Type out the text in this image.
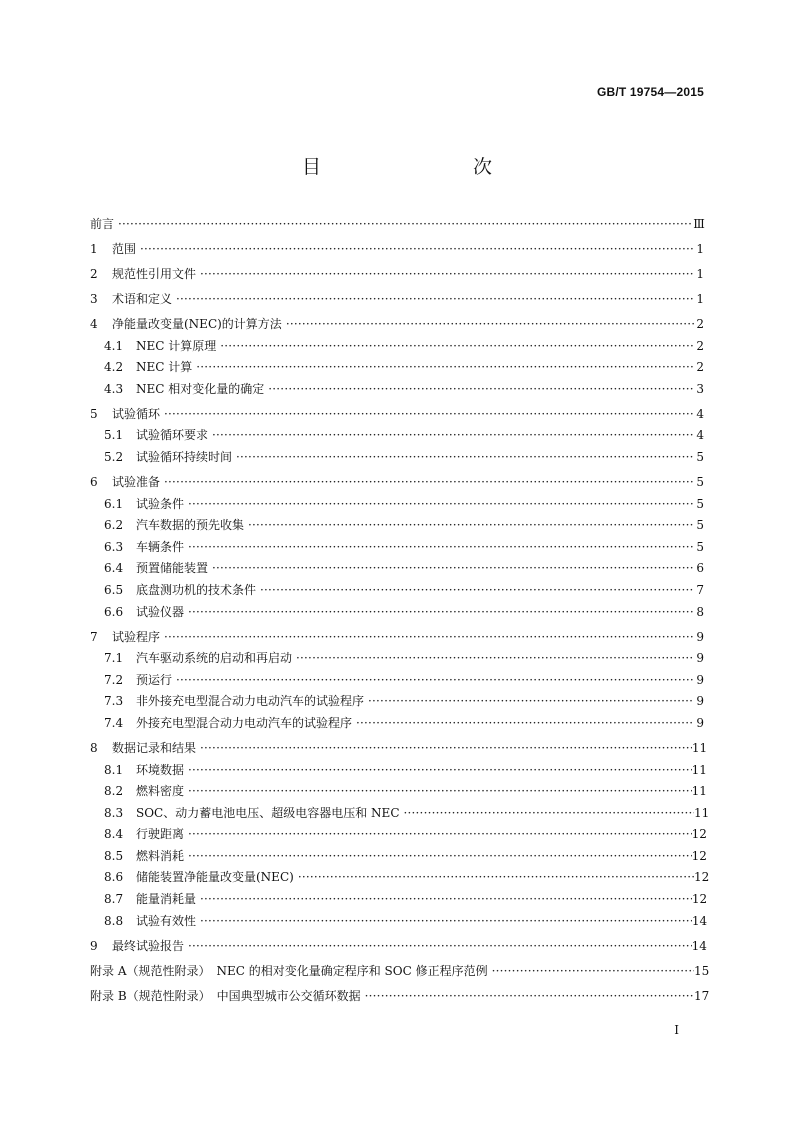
GB/T 19754—2015
目　　次
前言 ·····	Ⅲ
1	范围 ·····	1
2	规范性引用文件 ·····	1
3	术语和定义 ·····	1
4	净能量改变量(NEC)的计算方法 ·····	2
4.1	NEC 计算原理 ·····	2
4.2	NEC 计算 ·····	2
4.3	NEC 相对变化量的确定 ·····	3
5	试验循环 ·····	4
5.1	试验循环要求 ·····	4
5.2	试验循环持续时间 ·····	5
6	试验准备 ·····	5
6.1	试验条件 ·····	5
6.2	汽车数据的预先收集 ·····	5
6.3	车辆条件 ·····	5
6.4	预置储能装置 ·····	6
6.5	底盘测功机的技术条件 ·····	7
6.6	试验仪器 ·····	8
7	试验程序 ·····	9
7.1	汽车驱动系统的启动和再启动 ·····	9
7.2	预运行 ·····	9
7.3	非外接充电型混合动力电动汽车的试验程序 ·····	9
7.4	外接充电型混合动力电动汽车的试验程序 ·····	9
8	数据记录和结果 ·····	11
8.1	环境数据 ·····	11
8.2	燃料密度 ·····	11
8.3	SOC、动力蓄电池电压、超级电容器电压和 NEC ·····	11
8.4	行驶距离 ·····	12
8.5	燃料消耗 ·····	12
8.6	储能装置净能量改变量(NEC) ·····	12
8.7	能量消耗量 ·····	12
8.8	试验有效性 ·····	14
9	最终试验报告 ·····	14
附录 A（规范性附录）　NEC 的相对变化量确定程序和 SOC 修正程序范例 ·····	15
附录 B（规范性附录）　中国典型城市公交循环数据 ·····	17
I
